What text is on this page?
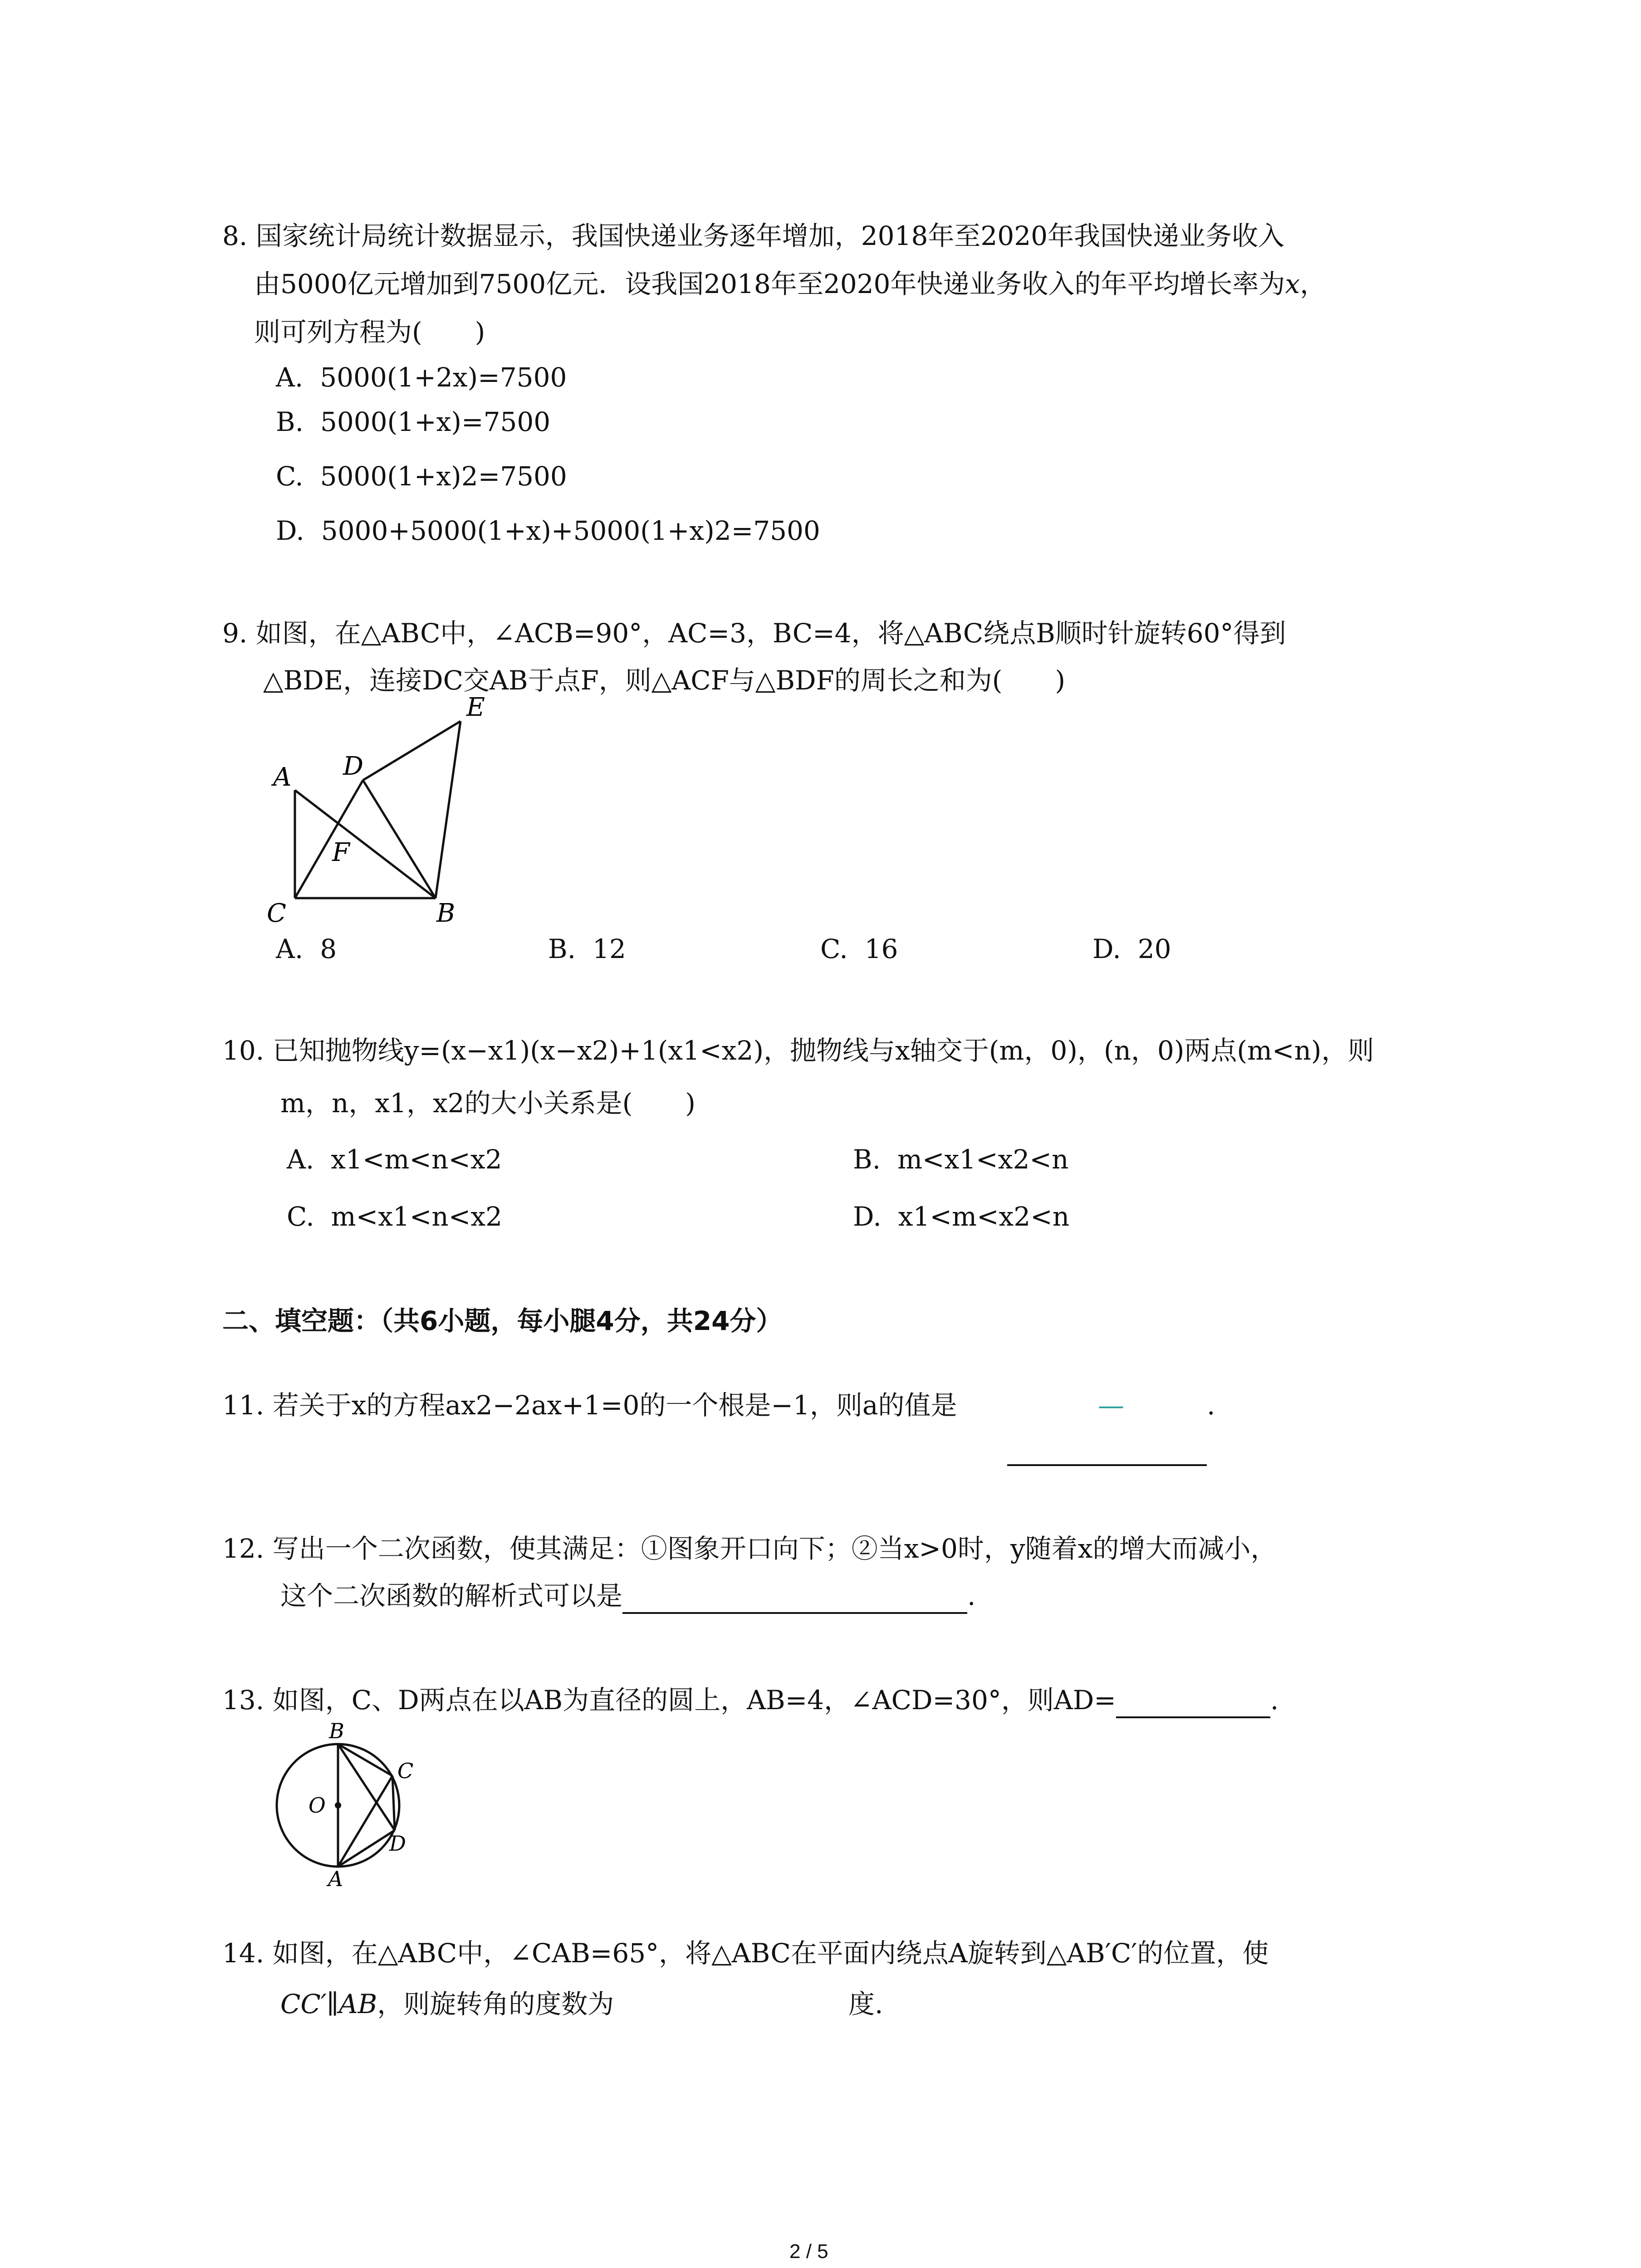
8. 国家统计局统计数据显示，我国快递业务逐年增加，2018年至2020年我国快递业务收入
由5000亿元增加到7500亿元．设我国2018年至2020年快递业务收入的年平均增长率为x，
则可列方程为(　　)
A. 5000(1+2x)=7500
B. 5000(1+x)=7500
C. 5000(1+x)2=7500
D. 5000+5000(1+x)+5000(1+x)2=7500
9. 如图，在△ABC中，∠ACB=90°，AC=3，BC=4，将△ABC绕点B顺时针旋转60°得到
△BDE，连接DC交AB于点F，则△ACF与△BDF的周长之和为(　　)
E
A D
F
C	B
A. 8	B. 12	C. 16	D. 20
10. 已知抛物线y=(x−x1)(x−x2)+1(x1<x2)，抛物线与x轴交于(m，0)，(n，0)两点(m<n)，则
m，n，x1，x2的大小关系是(　　)
A. x1<m<n<x2	B. m<x1<x2<n
C. m<x1<n<x2	D. x1<m<x2<n
二、填空题：（共6小题，每小腿4分，共24分）
11. 若关于x的方程ax2−2ax+1=0的一个根是−1，则a的值是	—	.
12. 写出一个二次函数，使其满足：①图象开口向下；②当x>0时，y随着x的增大而减小，
这个二次函数的解析式可以是	.
13. 如图，C、D两点在以AB为直径的圆上，AB=4，∠ACD=30°，则AD=	.
B
C
O
D
A
14. 如图，在△ABC中，∠CAB=65°，将△ABC在平面内绕点A旋转到△AB′C′的位置，使
CC′∥AB，则旋转角的度数为	度.
2 / 5
